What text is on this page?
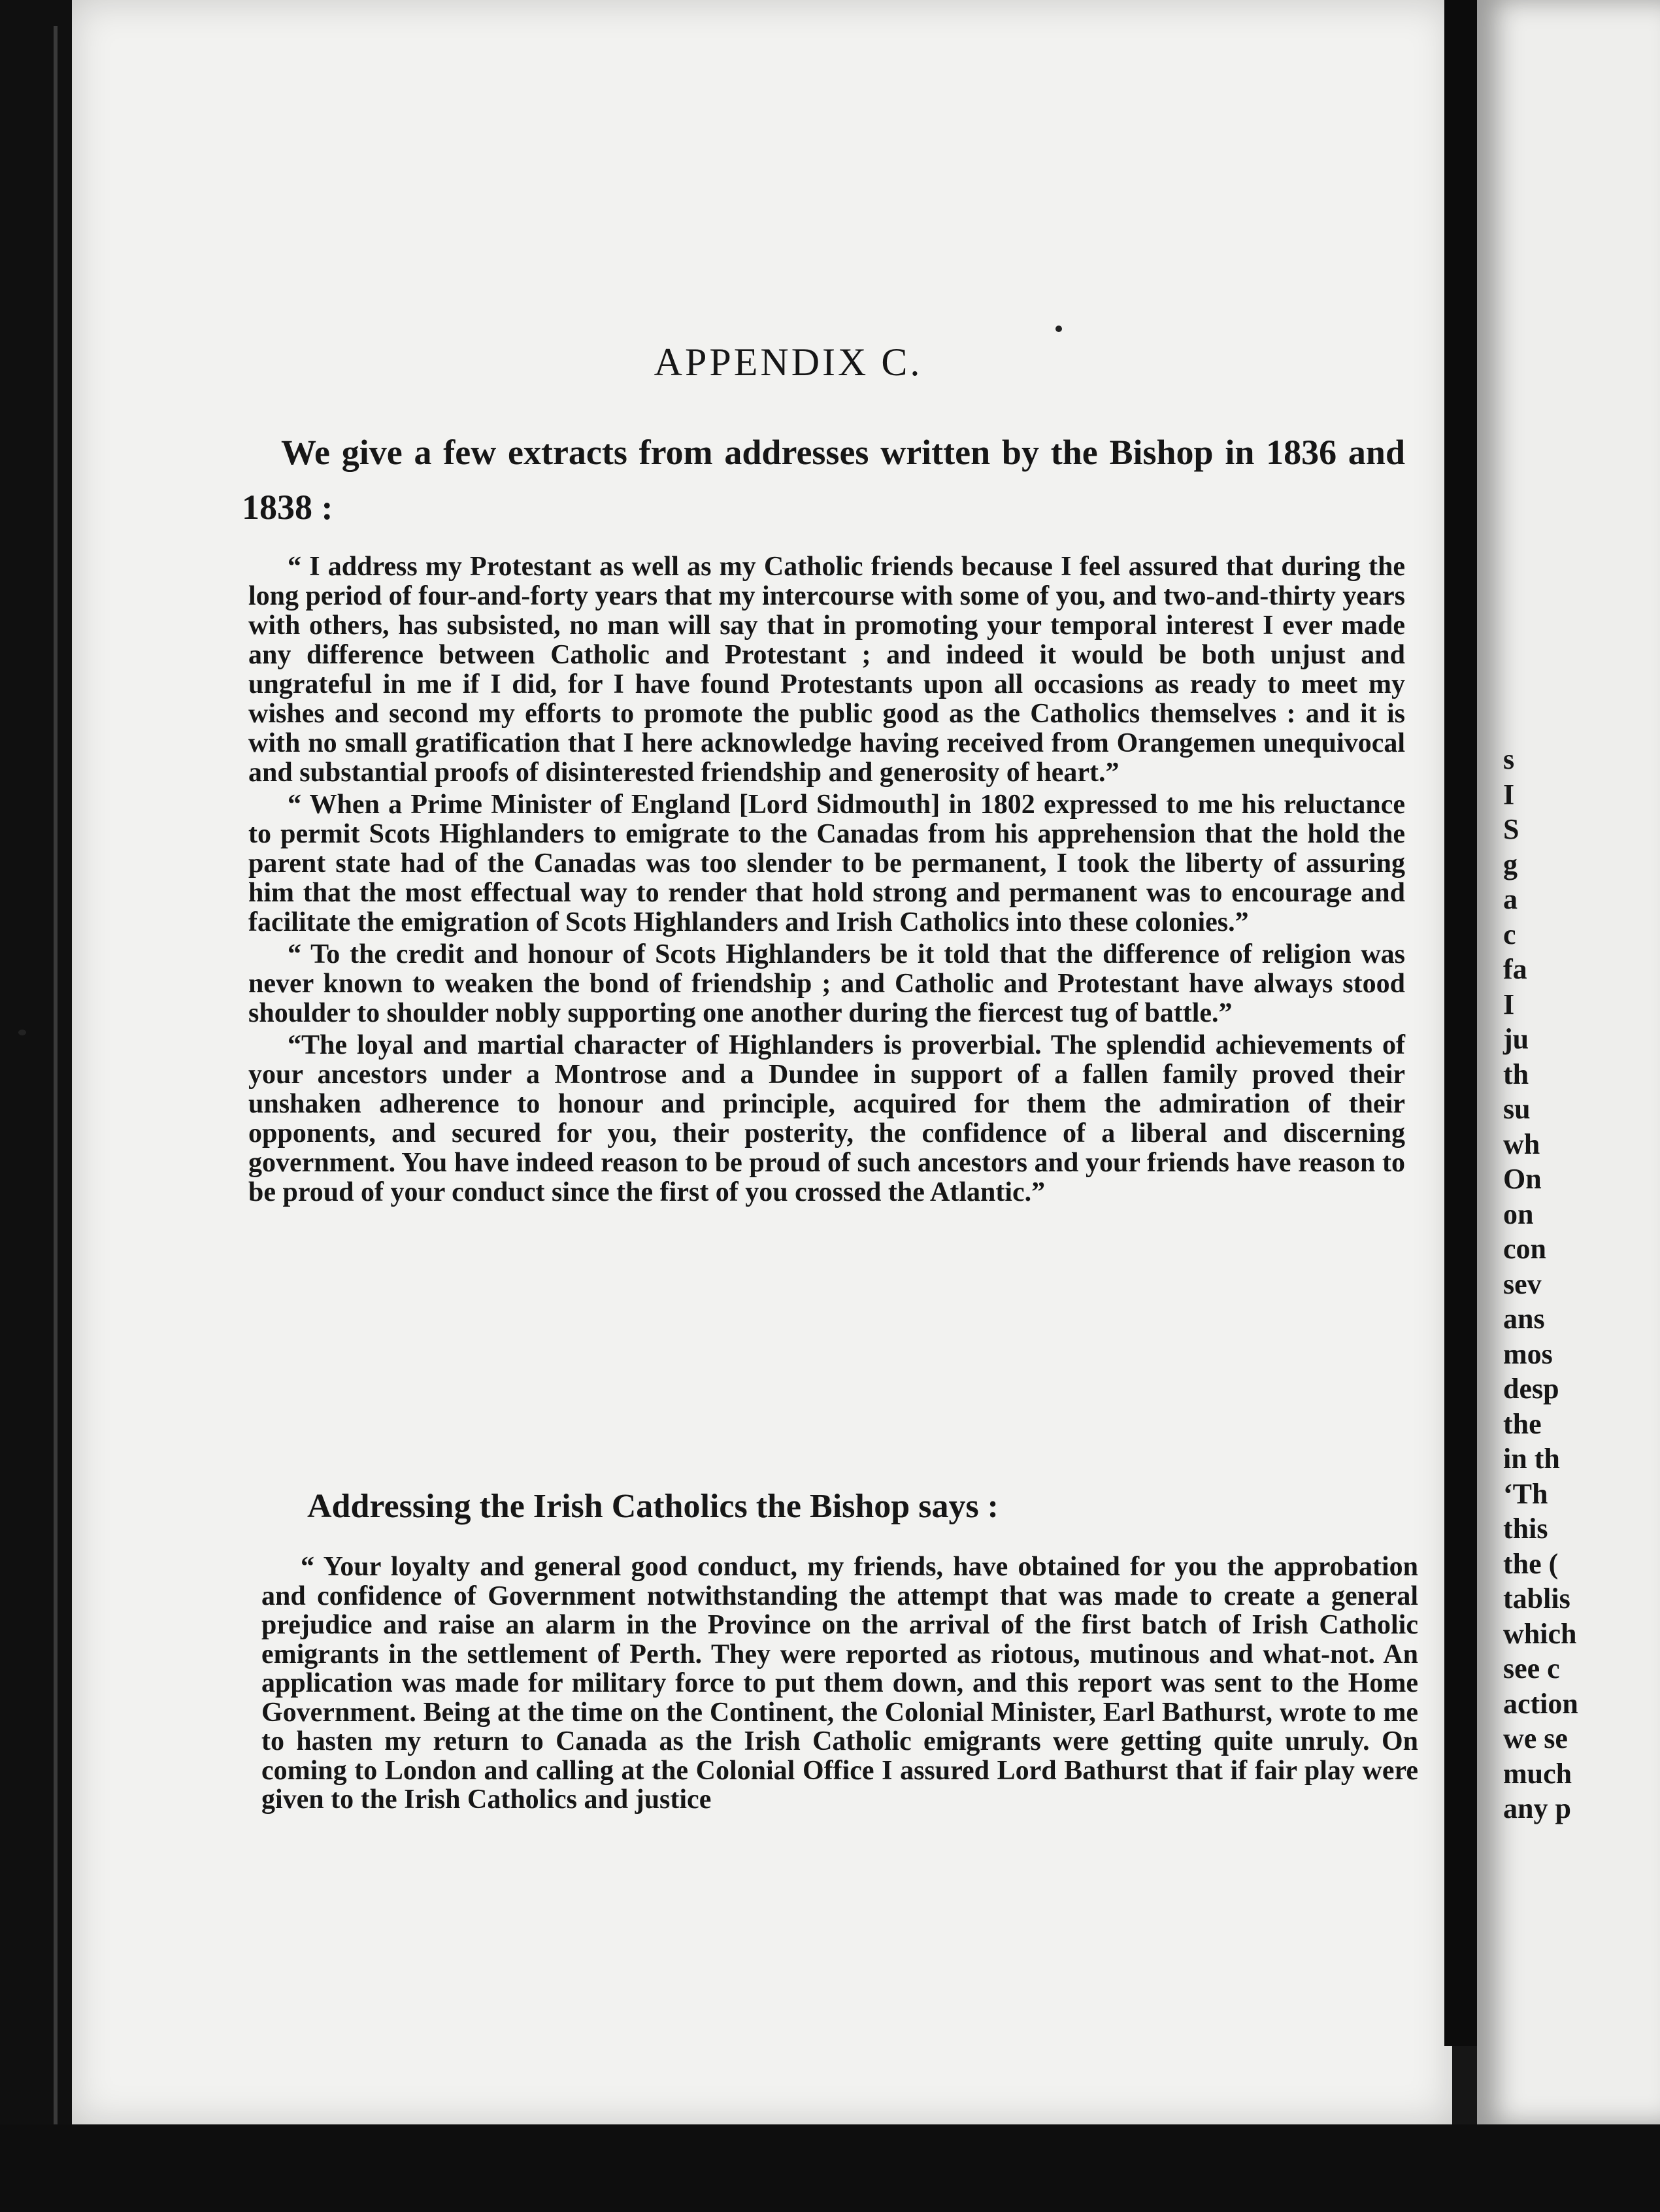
APPENDIX C.
We give a few extracts from addresses written by the Bishop in 1836 and 1838 :

“ I address my Protestant as well as my Catholic friends because I feel assured that during the long period of four-and-forty years that my intercourse with some of you, and two-and-thirty years with others, has subsisted, no man will say that in promoting your temporal interest I ever made any difference between Catholic and Protestant ; and indeed it would be both unjust and ungrateful in me if I did, for I have found Protestants upon all occasions as ready to meet my wishes and second my efforts to promote the public good as the Catholics themselves : and it is with no small gratification that I here acknowledge having received from Orangemen unequivocal and substantial proofs of disinterested friendship and generosity of heart.”

“ When a Prime Minister of England [Lord Sidmouth] in 1802 expressed to me his reluctance to permit Scots Highlanders to emigrate to the Canadas from his apprehension that the hold the parent state had of the Canadas was too slender to be permanent, I took the liberty of assuring him that the most effectual way to render that hold strong and permanent was to encourage and facilitate the emigration of Scots Highlanders and Irish Catholics into these colonies.”

“ To the credit and honour of Scots Highlanders be it told that the difference of religion was never known to weaken the bond of friendship ; and Catholic and Protestant have always stood shoulder to shoulder nobly supporting one another during the fiercest tug of battle.”

“The loyal and martial character of Highlanders is proverbial. The splendid achievements of your ancestors under a Montrose and a Dundee in support of a fallen family proved their unshaken adherence to honour and principle, acquired for them the admiration of their opponents, and secured for you, their posterity, the confidence of a liberal and discerning government. You have indeed reason to be proud of such ancestors and your friends have reason to be proud of your conduct since the first of you crossed the Atlantic.”

Addressing the Irish Catholics the Bishop says :
“ Your loyalty and general good conduct, my friends, have obtained for you the approbation and confidence of Government notwithstanding the attempt that was made to create a general prejudice and raise an alarm in the Province on the arrival of the first batch of Irish Catholic emigrants in the settlement of Perth. They were reported as riotous, mutinous and what-not. An application was made for military force to put them down, and this report was sent to the Home Government. Being at the time on the Continent, the Colonial Minister, Earl Bathurst, wrote to me to hasten my return to Canada as the Irish Catholic emigrants were getting quite unruly. On coming to London and calling at the Colonial Office I assured Lord Bathurst that if fair play were given to the Irish Catholics and justice
s
I
S
g
a
c
fa
I
ju
th
su
wh
On
on
con
sev
ans
mos
desp
the
in th
‘Th
this
the (
tablis
which
see c
action
we se
much
any p
